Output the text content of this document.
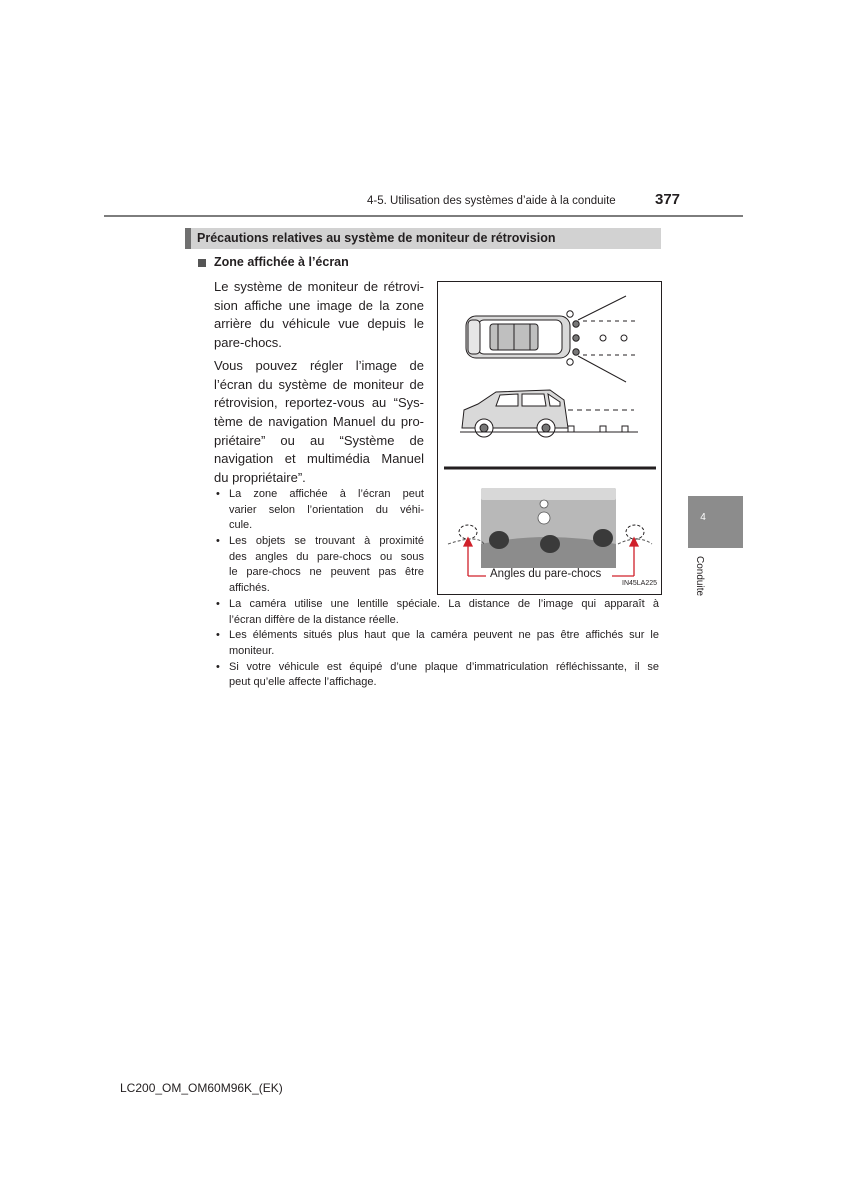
4-5. Utilisation des systèmes d’aide à la conduite	377
4
Conduite
Précautions relatives au système de moniteur de rétrovision
Zone affichée à l’écran
Le système de moniteur de rétrovi-
sion affiche une image de la zone
arrière du véhicule vue depuis le
pare-chocs.
Vous pouvez régler l’image de
l’écran du système de moniteur de
rétrovision, reportez-vous au “Sys-
tème de navigation Manuel du pro-
priétaire” ou au “Système de
navigation et multimédia Manuel
du propriétaire”.
• La zone affichée à l’écran peut
varier selon l’orientation du véhi-
cule.
• Les objets se trouvant à proximité
des angles du pare-chocs ou sous
le pare-chocs ne peuvent pas être
affichés.
• La caméra utilise une lentille spéciale. La distance de l’image qui apparaît à
l’écran diffère de la distance réelle.
• Les éléments situés plus haut que la caméra peuvent ne pas être affichés sur le
moniteur.
• Si votre véhicule est équipé d’une plaque d’immatriculation réfléchissante, il se
peut qu’elle affecte l’affichage.
Angles du pare-chocs
IN45LA225
LC200_OM_OM60M96K_(EK)
